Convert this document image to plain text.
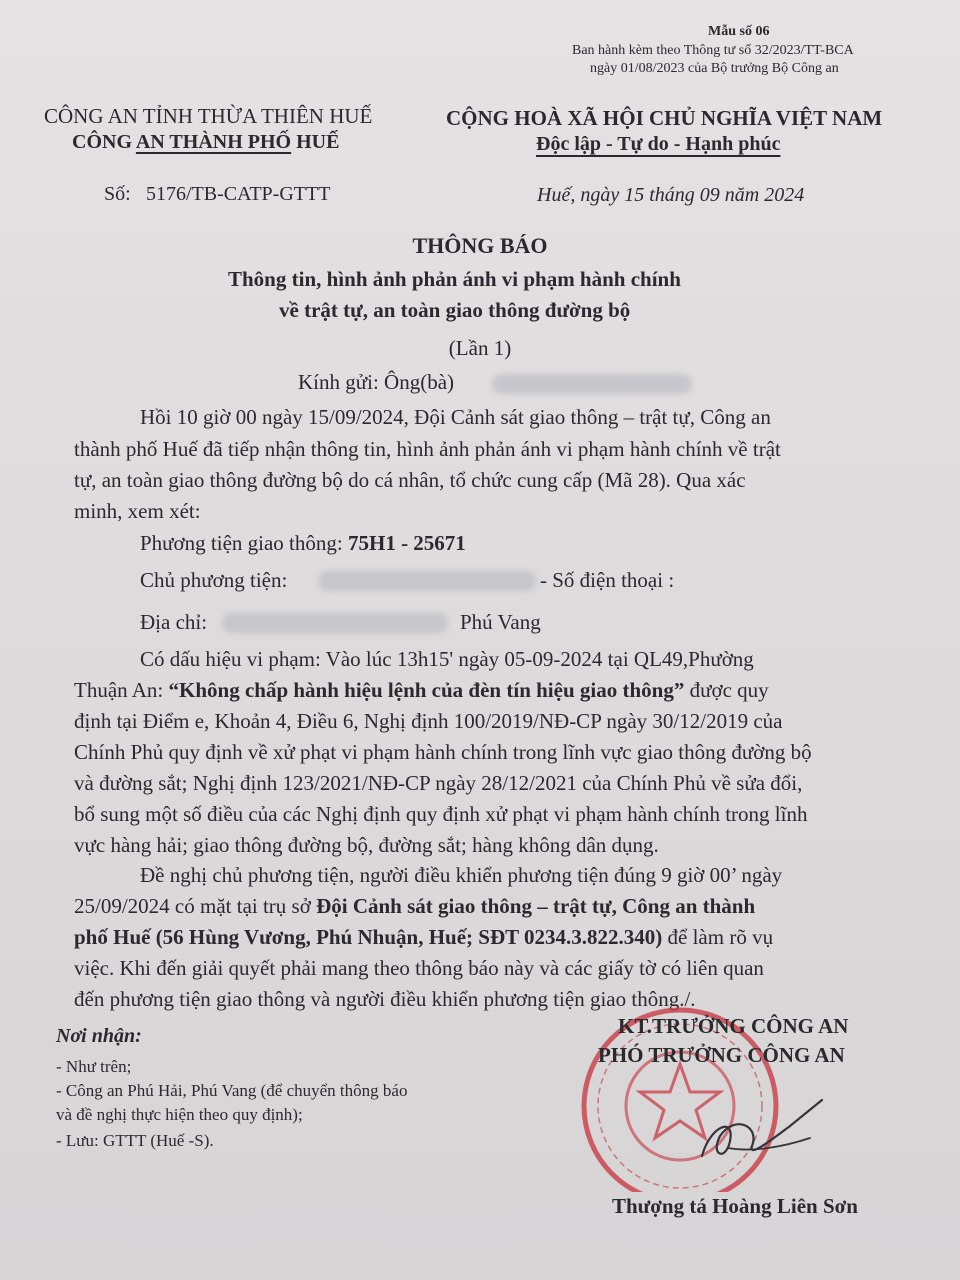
Mẫu số 06
Ban hành kèm theo Thông tư số 32/2023/TT-BCA
ngày 01/08/2023 của Bộ trưởng Bộ Công an
CÔNG AN TỈNH THỪA THIÊN HUẾ
CÔNG AN THÀNH PHỐ HUẾ
CỘNG HOÀ XÃ HỘI CHỦ NGHĨA VIỆT NAM
Độc lập - Tự do - Hạnh phúc
Số: 5176/TB-CATP-GTTT	Huế, ngày 15 tháng 09 năm 2024
THÔNG BÁO
Thông tin, hình ảnh phản ánh vi phạm hành chính
về trật tự, an toàn giao thông đường bộ
(Lần 1)
Kính gửi: Ông(bà)
Hồi 10 giờ 00 ngày 15/09/2024, Đội Cảnh sát giao thông – trật tự, Công an
thành phố Huế đã tiếp nhận thông tin, hình ảnh phản ánh vi phạm hành chính về trật
tự, an toàn giao thông đường bộ do cá nhân, tổ chức cung cấp (Mã 28). Qua xác
minh, xem xét:
Phương tiện giao thông: 75H1 - 25671
Chủ phương tiện:	- Số điện thoại :
Địa chỉ:	Phú Vang
Có dấu hiệu vi phạm: Vào lúc 13h15' ngày 05-09-2024 tại QL49,Phường
Thuận An: “Không chấp hành hiệu lệnh của đèn tín hiệu giao thông” được quy
định tại Điểm e, Khoản 4, Điều 6, Nghị định 100/2019/NĐ-CP ngày 30/12/2019 của
Chính Phủ quy định về xử phạt vi phạm hành chính trong lĩnh vực giao thông đường bộ
và đường sắt; Nghị định 123/2021/NĐ-CP ngày 28/12/2021 của Chính Phủ về sửa đổi,
bổ sung một số điều của các Nghị định quy định xử phạt vi phạm hành chính trong lĩnh
vực hàng hải; giao thông đường bộ, đường sắt; hàng không dân dụng.
Đề nghị chủ phương tiện, người điều khiển phương tiện đúng 9 giờ 00’ ngày
25/09/2024 có mặt tại trụ sở Đội Cảnh sát giao thông – trật tự, Công an thành
phố Huế (56 Hùng Vương, Phú Nhuận, Huế; SĐT 0234.3.822.340) để làm rõ vụ
việc. Khi đến giải quyết phải mang theo thông báo này và các giấy tờ có liên quan
đến phương tiện giao thông và người điều khiển phương tiện giao thông./.
Nơi nhận:
- Như trên;
- Công an Phú Hải, Phú Vang (để chuyển thông báo
và đề nghị thực hiện theo quy định);
- Lưu: GTTT (Huế -S).
KT.TRƯỞNG CÔNG AN
PHÓ TRƯỞNG CÔNG AN
Thượng tá Hoàng Liên Sơn
